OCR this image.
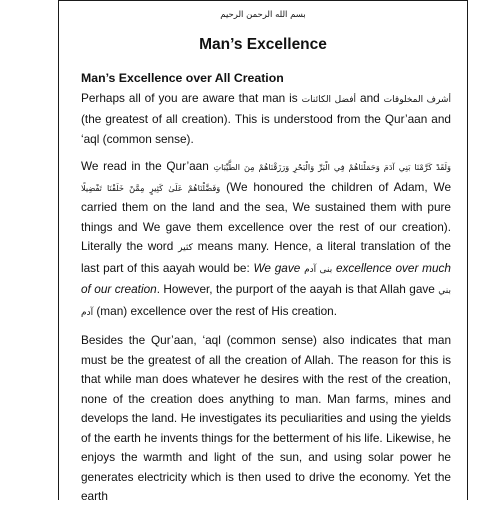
بسم الله الرحمن الرحيم
Man’s Excellence

Man’s Excellence over All Creation

Perhaps all of you are aware that man is أفضل الكائنات and أشرف المخلوقات (the greatest of all creation). This is understood from the Qur’aan and ‘aql (common sense).

We read in the Qur’aan وَلَقَدْ كَرَّمْنَا بَنِي آدَمَ وَحَمَلْنَاهُمْ فِي الْبَرِّ وَالْبَحْرِ وَرَزَقْنَاهُمْ مِنَ الطَّيِّبَاتِ وَفَضَّلْنَاهُمْ عَلَىٰ كَثِيرٍ مِمَّنْ خَلَقْنَا تَفْضِيلًا (We honoured the children of Adam, We carried them on the land and the sea, We sustained them with pure things and We gave them excellence over the rest of our creation). Literally the word كثير means many. Hence, a literal translation of the last part of this aayah would be: We gave بنى آدم excellence over much of our creation. However, the purport of the aayah is that Allah gave بني آدم (man) excellence over the rest of His creation.

Besides the Qur’aan, ‘aql (common sense) also indicates that man must be the greatest of all the creation of Allah. The reason for this is that while man does whatever he desires with the rest of the creation, none of the creation does anything to man. Man farms, mines and develops the land. He investigates its peculiarities and using the yields of the earth he invents things for the betterment of his life. Likewise, he enjoys the warmth and light of the sun, and using solar power he generates electricity which is then used to drive the economy. Yet the earth
